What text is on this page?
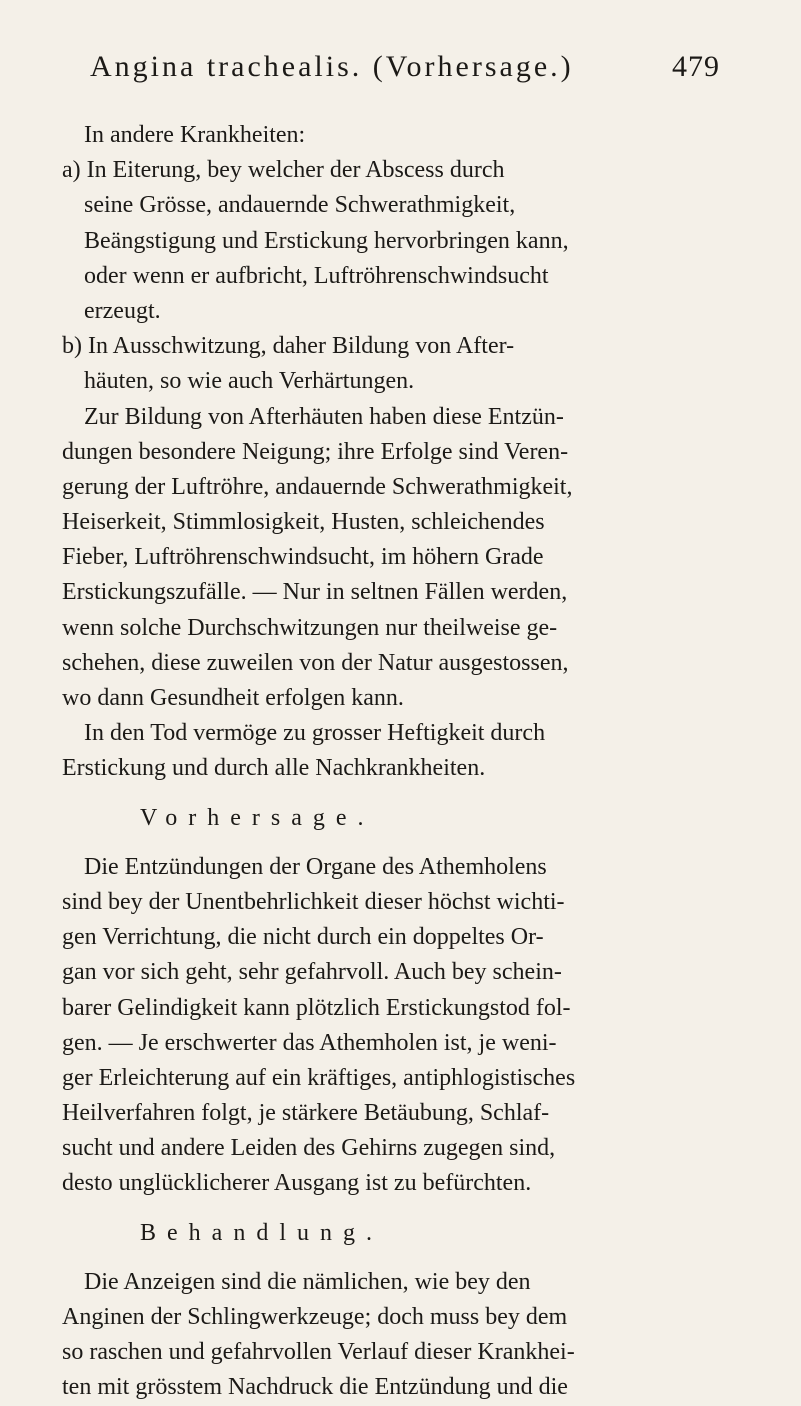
Angina trachealis. (Vorhersage.)	479
In andere Krankheiten:
a) In Eiterung, bey welcher der Abscess durch
seine Grösse, andauernde Schwerathmigkeit,
Beängstigung und Erstickung hervorbringen kann,
oder wenn er aufbricht, Luftröhrenschwindsucht
erzeugt.
b) In Ausschwitzung, daher Bildung von After-
häuten, so wie auch Verhärtungen.
Zur Bildung von Afterhäuten haben diese Entzün-
dungen besondere Neigung; ihre Erfolge sind Veren-
gerung der Luftröhre, andauernde Schwerathmigkeit,
Heiserkeit, Stimmlosigkeit, Husten, schleichendes
Fieber, Luftröhrenschwindsucht, im höhern Grade
Erstickungszufälle. — Nur in seltnen Fällen werden,
wenn solche Durchschwitzungen nur theilweise ge-
schehen, diese zuweilen von der Natur ausgestossen,
wo dann Gesundheit erfolgen kann.
In den Tod vermöge zu grosser Heftigkeit durch
Erstickung und durch alle Nachkrankheiten.
Vorhersage.
Die Entzündungen der Organe des Athemholens
sind bey der Unentbehrlichkeit dieser höchst wichti-
gen Verrichtung, die nicht durch ein doppeltes Or-
gan vor sich geht, sehr gefahrvoll. Auch bey schein-
barer Gelindigkeit kann plötzlich Erstickungstod fol-
gen. — Je erschwerter das Athemholen ist, je weni-
ger Erleichterung auf ein kräftiges, antiphlogistisches
Heilverfahren folgt, je stärkere Betäubung, Schlaf-
sucht und andere Leiden des Gehirns zugegen sind,
desto unglücklicherer Ausgang ist zu befürchten.
Behandlung.
Die Anzeigen sind die nämlichen, wie bey den
Anginen der Schlingwerkzeuge; doch muss bey dem
so raschen und gefahrvollen Verlauf dieser Krankhei-
ten mit grösstem Nachdruck die Entzündung und die
